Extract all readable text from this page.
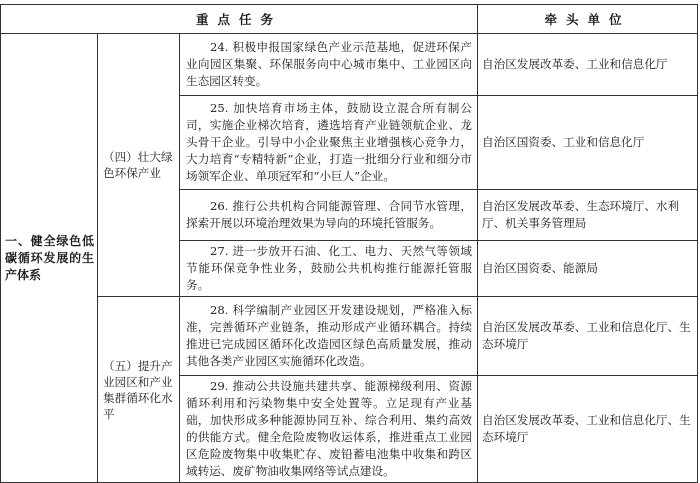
重点任务			牵头单位
一、健全绿色低碳循环发展的生产体系	（四）壮大绿色环保产业	24. 积极申报国家绿色产业示范基地，促进环保产业向园区集聚、环保服务向中心城市集中、工业园区向生态园区转变。	自治区发展改革委、工业和信息化厅
		25. 加快培育市场主体，鼓励设立混合所有制公司，实施企业梯次培育，遴选培育产业链领航企业、龙头骨干企业。引导中小企业聚焦主业增强核心竞争力，大力培育“专精特新”企业，打造一批细分行业和细分市场领军企业、单项冠军和“小巨人”企业。	自治区国资委、工业和信息化厅
		26. 推行公共机构合同能源管理、合同节水管理，探索开展以环境治理效果为导向的环境托管服务。	自治区发展改革委、生态环境厅、水利厅、机关事务管理局
		27. 进一步放开石油、化工、电力、天然气等领域节能环保竞争性业务，鼓励公共机构推行能源托管服务。	自治区国资委、能源局
	（五）提升产业园区和产业集群循环化水平	28. 科学编制产业园区开发建设规划，严格准入标准，完善循环产业链条，推动形成产业循环耦合。持续推进已完成园区循环化改造园区绿色高质量发展，推动其他各类产业园区实施循环化改造。	自治区发展改革委、工业和信息化厅、生态环境厅
		29. 推动公共设施共建共享、能源梯级利用、资源循环利用和污染物集中安全处置等。立足现有产业基础，加快形成多种能源协同互补、综合利用、集约高效的供能方式。健全危险废物收运体系，推进重点工业园区危险废物集中收集贮存、废铅蓄电池集中收集和跨区域转运、废矿物油收集网络等试点建设。	自治区发展改革委、工业和信息化厅、生态环境厅
